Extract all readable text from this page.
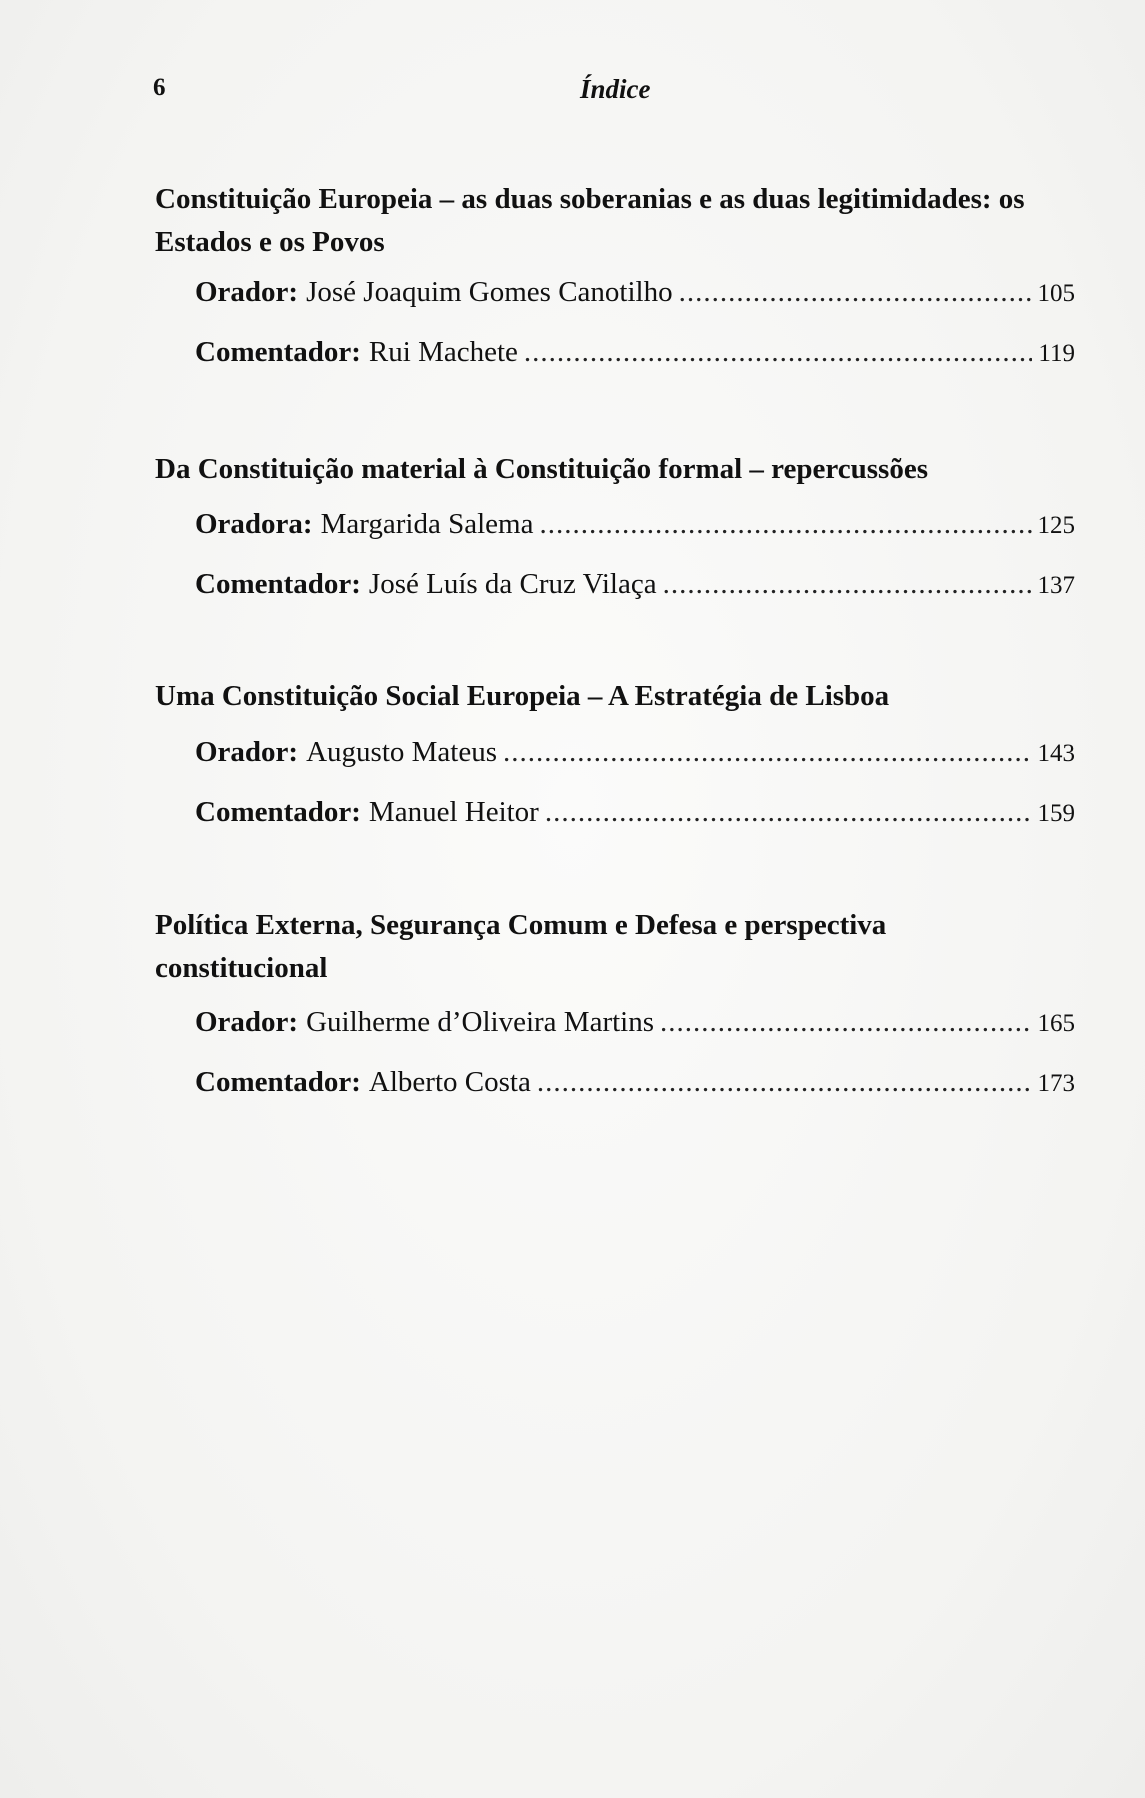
6	Índice

Constituição Europeia – as duas soberanias e as duas legitimidades: os Estados e os Povos

Orador: José Joaquim Gomes Canotilho .....	105
Comentador: Rui Machete .....	119

Da Constituição material à Constituição formal – repercussões

Oradora: Margarida Salema .....	125
Comentador: José Luís da Cruz Vilaça .....	137

Uma Constituição Social Europeia – A Estratégia de Lisboa

Orador: Augusto Mateus .....	143
Comentador: Manuel Heitor .....	159

Política Externa, Segurança Comum e Defesa e perspectiva constitucional

Orador: Guilherme d’Oliveira Martins .....	165
Comentador: Alberto Costa .....	173
